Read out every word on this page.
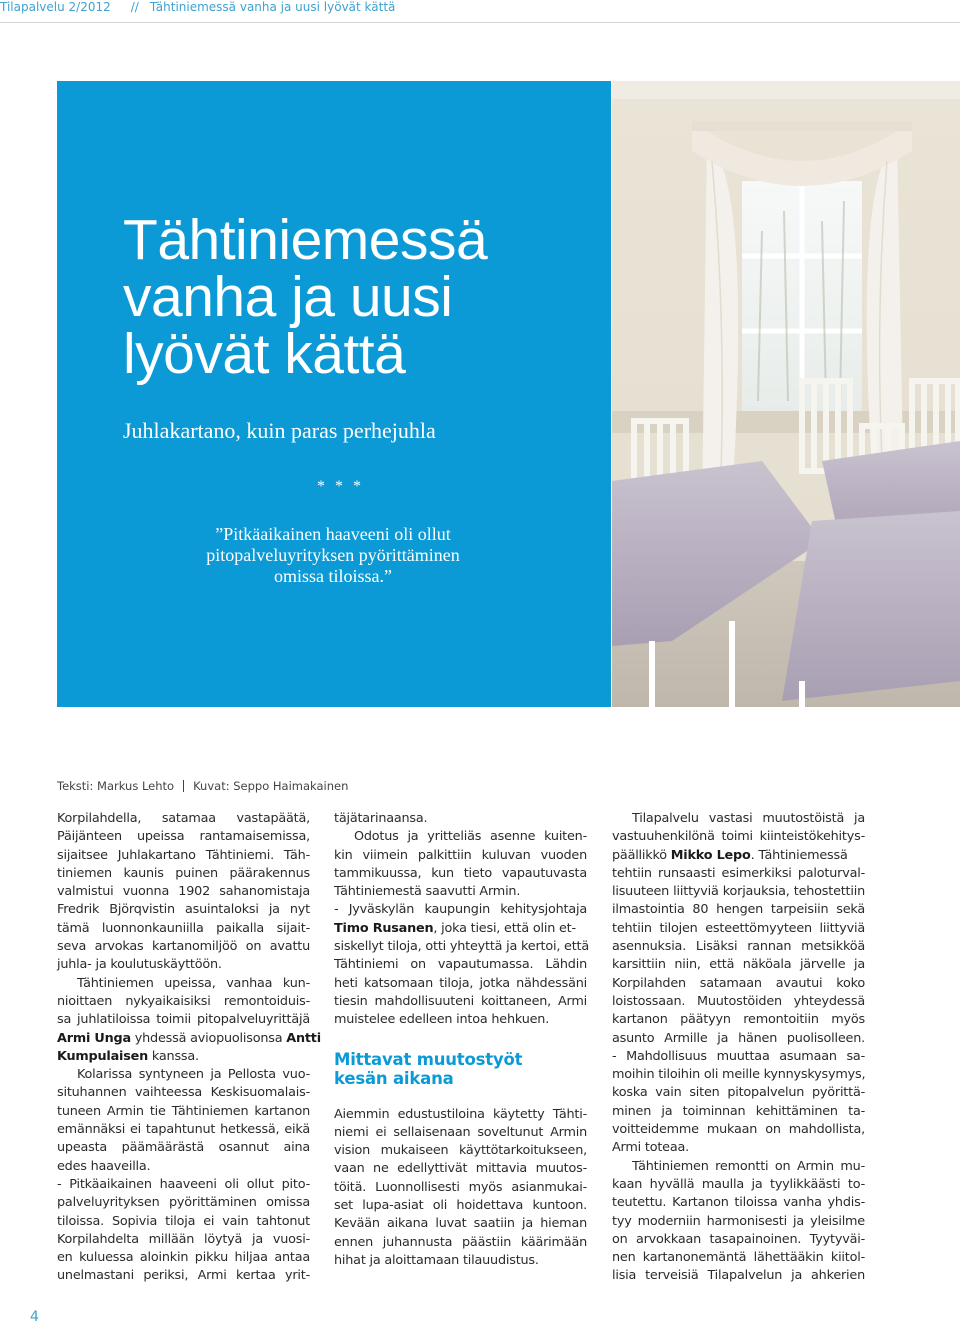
Tilapalvelu 2/2012 // Tähtiniemessä vanha ja uusi lyövät kättä
Tähtiniemessä
vanha ja uusi
lyövät kättä
Juhlakartano, kuin paras perhejuhla
* * *
”Pitkäaikainen haaveeni oli ollut
pitopalveluyrityksen pyörittäminen
omissa tiloissa.”
Teksti: Markus Lehto Kuvat: Seppo Haimakainen
Korpilahdella, satamaa vastapäätä,
Päijänteen upeissa rantamaisemissa,
sijaitsee Juhlakartano Tähtiniemi. Täh-
tiniemen kaunis puinen päärakennus
valmistui vuonna 1902 sahanomistaja
Fredrik Björqvistin asuintaloksi ja nyt
tämä luonnonkauniilla paikalla sijait-
seva arvokas kartanomiljöö on avattu
juhla- ja koulutuskäyttöön.
Tähtiniemen upeissa, vanhaa kun-
nioittaen nykyaikaisiksi remontoiduis-
sa juhlatiloissa toimii pitopalveluyrittäjä
Armi Unga yhdessä aviopuolisonsa Antti
Kumpulaisen kanssa.
Kolarissa syntyneen ja Pellosta vuo-
situhannen vaihteessa Keskisuomalais-
tuneen Armin tie Tähtiniemen kartanon
emännäksi ei tapahtunut hetkessä, eikä
upeasta päämäärästä osannut aina
edes haaveilla.
- Pitkäaikainen haaveeni oli ollut pito-
palveluyrityksen pyörittäminen omissa
tiloissa. Sopivia tiloja ei vain tahtonut
Korpilahdelta millään löytyä ja vuosi-
en kuluessa aloinkin pikku hiljaa antaa
unelmastani periksi, Armi kertaa yrit-
täjätarinaansa.
Odotus ja yritteliäs asenne kuiten-
kin viimein palkittiin kuluvan vuoden
tammikuussa, kun tieto vapautuvasta
Tähtiniemestä saavutti Armin.
- Jyväskylän kaupungin kehitysjohtaja
Timo Rusanen, joka tiesi, että olin et-
siskellyt tiloja, otti yhteyttä ja kertoi, että
Tähtiniemi on vapautumassa. Lähdin
heti katsomaan tiloja, jotka nähdessäni
tiesin mahdollisuuteni koittaneen, Armi
muistelee edelleen intoa hehkuen.
Mittavat muutostyöt
kesän aikana
Aiemmin edustustiloina käytetty Tähti-
niemi ei sellaisenaan soveltunut Armin
vision mukaiseen käyttötarkoitukseen,
vaan ne edellyttivät mittavia muutos-
töitä. Luonnollisesti myös asianmukai-
set lupa-asiat oli hoidettava kuntoon.
Kevään aikana luvat saatiin ja hieman
ennen juhannusta päästiin käärimään
hihat ja aloittamaan tilauudistus.
Tilapalvelu vastasi muutostöistä ja
vastuuhenkilönä toimi kiinteistökehitys-
päällikkö Mikko Lepo. Tähtiniemessä
tehtiin runsaasti esimerkiksi paloturval-
lisuuteen liittyviä korjauksia, tehostettiin
ilmastointia 80 hengen tarpeisiin sekä
tehtiin tilojen esteettömyyteen liittyviä
asennuksia. Lisäksi rannan metsikköä
karsittiin niin, että näköala järvelle ja
Korpilahden satamaan avautui koko
loistossaan. Muutostöiden yhteydessä
kartanon päätyyn remontoitiin myös
asunto Armille ja hänen puolisolleen.
- Mahdollisuus muuttaa asumaan sa-
moihin tiloihin oli meille kynnyskysymys,
koska vain siten pitopalvelun pyörittä-
minen ja toiminnan kehittäminen ta-
voitteidemme mukaan on mahdollista,
Armi toteaa.
Tähtiniemen remontti on Armin mu-
kaan hyvällä maulla ja tyylikkäästi to-
teutettu. Kartanon tiloissa vanha yhdis-
tyy moderniin harmonisesti ja yleisilme
on arvokkaan tasapainoinen. Tyytyväi-
nen kartanonemäntä lähettääkin kiitol-
lisia terveisiä Tilapalvelun ja ahkerien
4
